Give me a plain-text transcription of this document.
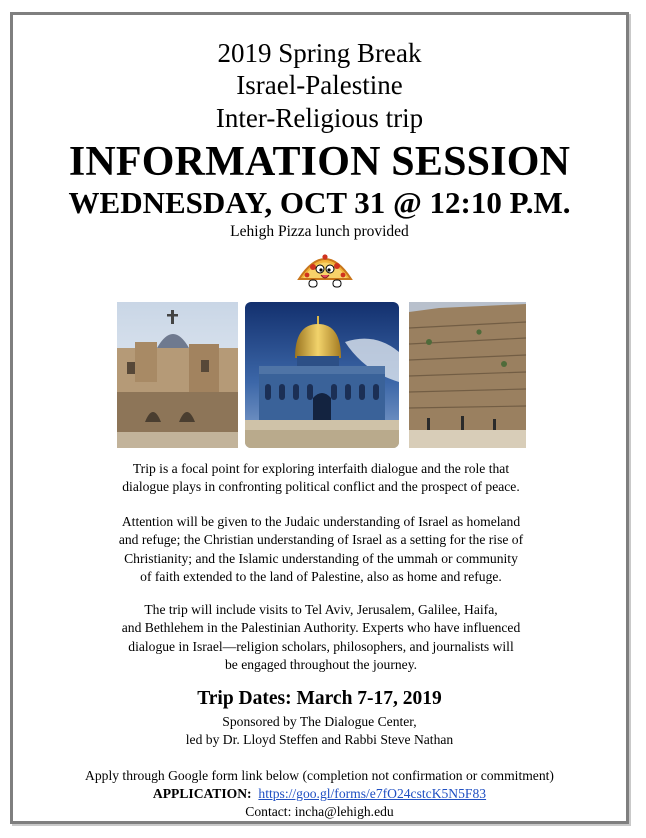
2019 Spring Break
Israel-Palestine
Inter-Religious trip
INFORMATION SESSION
WEDNESDAY, OCT 31 @ 12:10 P.M.
Lehigh Pizza lunch provided
Trip is a focal point for exploring interfaith dialogue and the role that
dialogue plays in confronting political conflict and the prospect of peace.
Attention will be given to the Judaic understanding of Israel as homeland
and refuge; the Christian understanding of Israel as a setting for the rise of
Christianity; and the Islamic understanding of the ummah or community
of faith extended to the land of Palestine, also as home and refuge.
The trip will include visits to Tel Aviv, Jerusalem, Galilee, Haifa,
and Bethlehem in the Palestinian Authority. Experts who have influenced
dialogue in Israel—religion scholars, philosophers, and journalists will
be engaged throughout the journey.
Trip Dates: March 7-17, 2019
Sponsored by The Dialogue Center,
led by Dr. Lloyd Steffen and Rabbi Steve Nathan
Apply through Google form link below (completion not confirmation or commitment)
APPLICATION: https://goo.gl/forms/e7fO24cstcK5N5F83
Contact: incha@lehigh.edu
